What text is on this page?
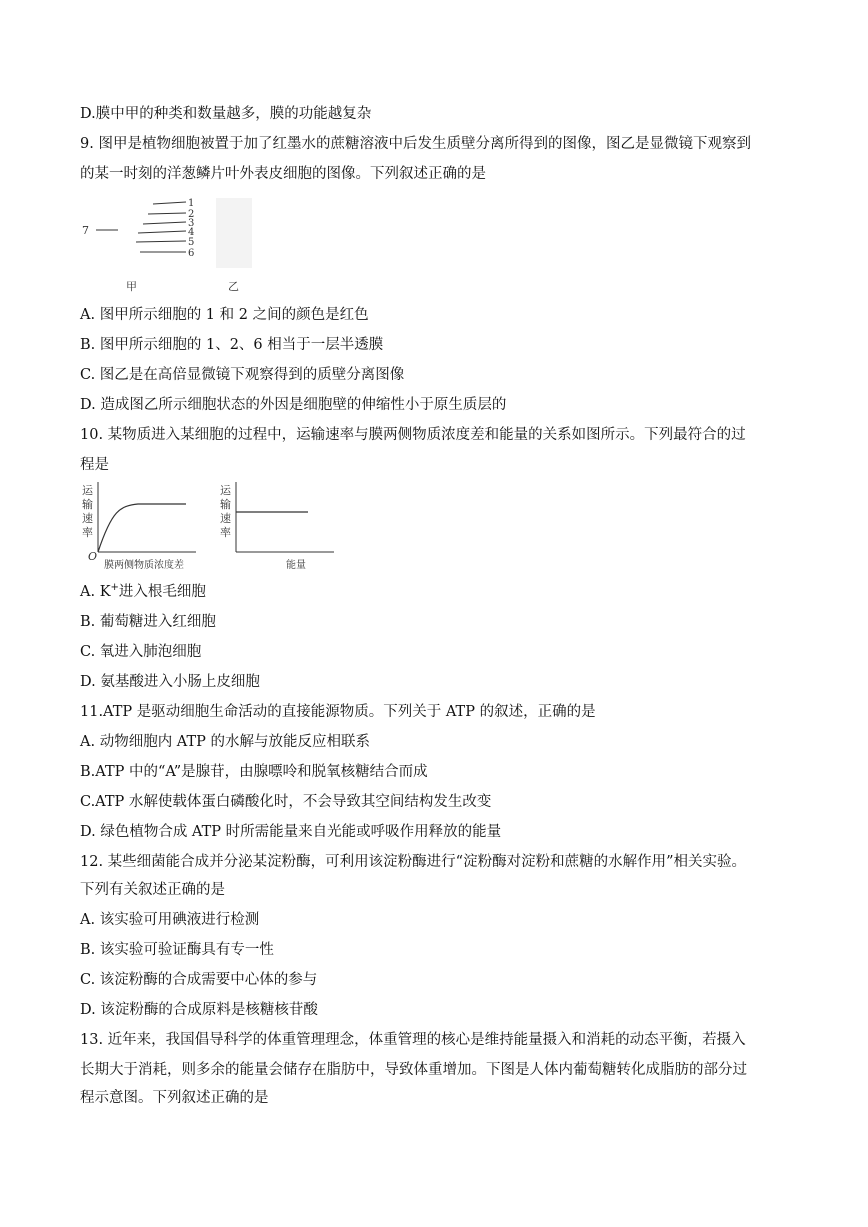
D.膜中甲的种类和数量越多，膜的功能越复杂
9. 图甲是植物细胞被置于加了红墨水的蔗糖溶液中后发生质壁分离所得到的图像，图乙是显微镜下观察到
的某一时刻的洋葱鳞片叶外表皮细胞的图像。下列叙述正确的是
7
1
2
3
4
5
6
甲	乙
A. 图甲所示细胞的 1 和 2 之间的颜色是红色
B. 图甲所示细胞的 1、2、6 相当于一层半透膜
C. 图乙是在高倍显微镜下观察得到的质壁分离图像
D. 造成图乙所示细胞状态的外因是细胞壁的伸缩性小于原生质层的
10. 某物质进入某细胞的过程中，运输速率与膜两侧物质浓度差和能量的关系如图所示。下列最符合的过
程是
运
输
速
率
O
膜两侧物质浓度差
运
输
速
率
能量
A. K+进入根毛细胞
B. 葡萄糖进入红细胞
C. 氧进入肺泡细胞
D. 氨基酸进入小肠上皮细胞
11.ATP 是驱动细胞生命活动的直接能源物质。下列关于 ATP 的叙述，正确的是
A. 动物细胞内 ATP 的水解与放能反应相联系
B.ATP 中的“A”是腺苷，由腺嘌呤和脱氧核糖结合而成
C.ATP 水解使载体蛋白磷酸化时，不会导致其空间结构发生改变
D. 绿色植物合成 ATP 时所需能量来自光能或呼吸作用释放的能量
12. 某些细菌能合成并分泌某淀粉酶，可利用该淀粉酶进行“淀粉酶对淀粉和蔗糖的水解作用”相关实验。
下列有关叙述正确的是
A. 该实验可用碘液进行检测
B. 该实验可验证酶具有专一性
C. 该淀粉酶的合成需要中心体的参与
D. 该淀粉酶的合成原料是核糖核苷酸
13. 近年来，我国倡导科学的体重管理理念，体重管理的核心是维持能量摄入和消耗的动态平衡，若摄入
长期大于消耗，则多余的能量会储存在脂肪中，导致体重增加。下图是人体内葡萄糖转化成脂肪的部分过
程示意图。下列叙述正确的是
